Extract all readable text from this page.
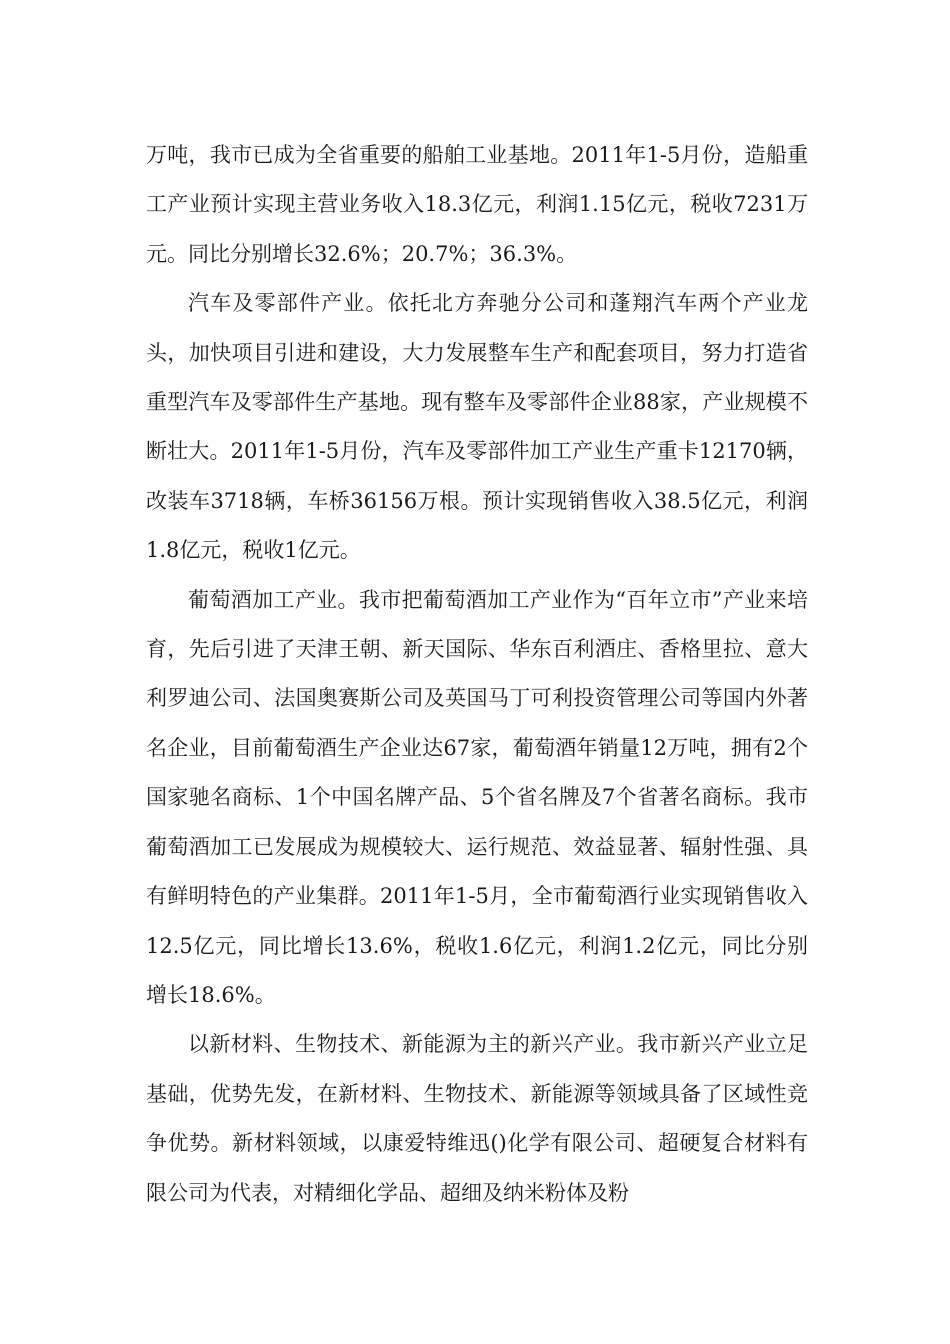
万吨，我市已成为全省重要的船舶工业基地。2011年1-5月份，造船重工产业预计实现主营业务收入18.3亿元，利润1.15亿元，税收7231万元。同比分别增长32.6%；20.7%；36.3%。

汽车及零部件产业。依托北方奔驰分公司和蓬翔汽车两个产业龙头，加快项目引进和建设，大力发展整车生产和配套项目，努力打造省重型汽车及零部件生产基地。现有整车及零部件企业88家，产业规模不断壮大。2011年1-5月份，汽车及零部件加工产业生产重卡12170辆，改装车3718辆，车桥36156万根。预计实现销售收入38.5亿元，利润1.8亿元，税收1亿元。

葡萄酒加工产业。我市把葡萄酒加工产业作为“百年立市”产业来培育，先后引进了天津王朝、新天国际、华东百利酒庄、香格里拉、意大利罗迪公司、法国奥赛斯公司及英国马丁可利投资管理公司等国内外著名企业，目前葡萄酒生产企业达67家，葡萄酒年销量12万吨，拥有2个国家驰名商标、1个中国名牌产品、5个省名牌及7个省著名商标。我市葡萄酒加工已发展成为规模较大、运行规范、效益显著、辐射性强、具有鲜明特色的产业集群。2011年1-5月，全市葡萄酒行业实现销售收入12.5亿元，同比增长13.6%，税收1.6亿元，利润1.2亿元，同比分别增长18.6%。

以新材料、生物技术、新能源为主的新兴产业。我市新兴产业立足基础，优势先发，在新材料、生物技术、新能源等领域具备了区域性竞争优势。新材料领域，以康爱特维迅()化学有限公司、超硬复合材料有限公司为代表，对精细化学品、超细及纳米粉体及粉
